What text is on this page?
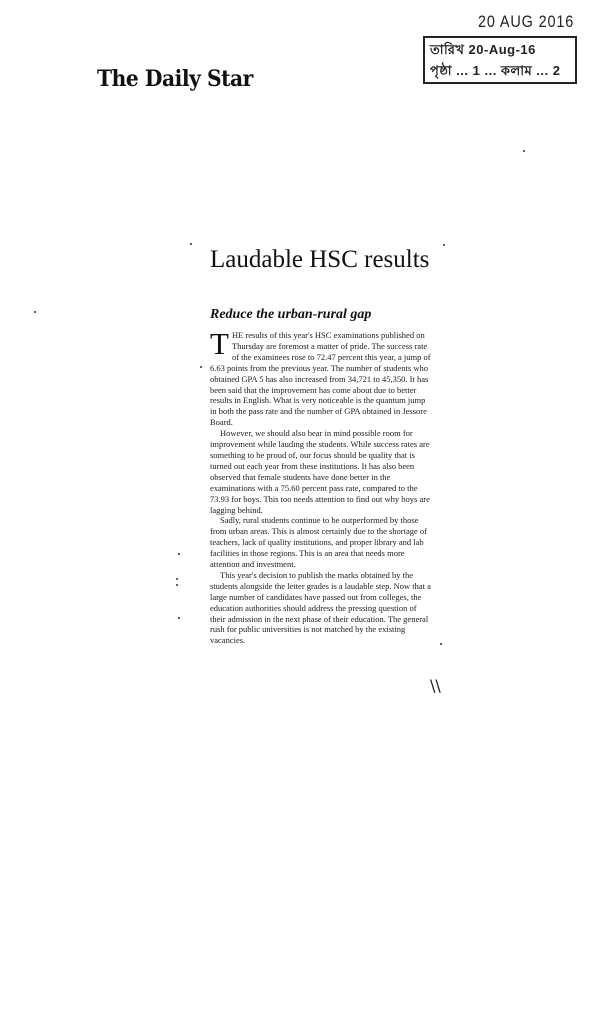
20 AUG 2016
তারিখ 20-Aug-16
পৃষ্ঠা ... 1 ... কলাম ... 2
The Daily Star
Laudable HSC results
Reduce the urban-rural gap

THE results of this year's HSC examinations published on Thursday are foremost a matter of pride. The success rate of the examinees rose to 72.47 percent this year, a jump of 6.63 points from the previous year. The number of students who obtained GPA 5 has also increased from 34,721 to 45,350. It has been said that the improvement has come about due to better results in English. What is very noticeable is the quantum jump in both the pass rate and the number of GPA obtained in Jessore Board.

However, we should also bear in mind possible room for improvement while lauding the students. While success rates are something to be proud of, our focus should be quality that is turned out each year from these institutions. It has also been observed that female students have done better in the examinations with a 75.60 percent pass rate, compared to the 73.93 for boys. This too needs attention to find out why boys are lagging behind.

Sadly, rural students continue to be outperformed by those from urban areas. This is almost certainly due to the shortage of teachers, lack of quality institutions, and proper library and lab facilities in those regions. This is an area that needs more attention and investment.

This year's decision to publish the marks obtained by the students alongside the letter grades is a laudable step. Now that a large number of candidates have passed out from colleges, the education authorities should address the pressing question of their admission in the next phase of their education. The general rush for public universities is not matched by the existing vacancies.

\\
